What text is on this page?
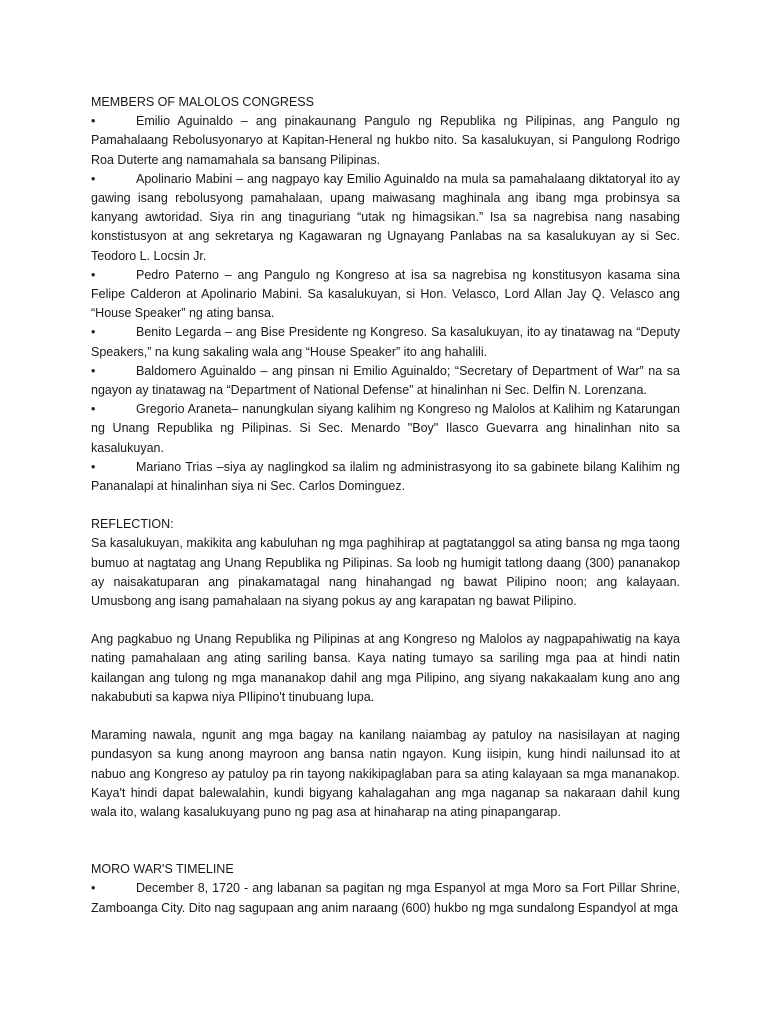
MEMBERS OF MALOLOS CONGRESS

•	Emilio Aguinaldo – ang pinakaunang Pangulo ng Republika ng Pilipinas, ang Pangulo ng Pamahalaang Rebolusyonaryo at Kapitan-Heneral ng hukbo nito. Sa kasalukuyan, si Pangulong Rodrigo Roa Duterte ang namamahala sa bansang Pilipinas.
•	Apolinario Mabini – ang nagpayo kay Emilio Aguinaldo na mula sa pamahalaang diktatoryal ito ay gawing isang rebolusyong pamahalaan, upang maiwasang maghinala ang ibang mga probinsya sa kanyang awtoridad. Siya rin ang tinaguriang “utak ng himagsikan.” Isa sa nagrebisa nang nasabing konstistusyon at ang sekretarya ng Kagawaran ng Ugnayang Panlabas na sa kasalukuyan ay si Sec. Teodoro L. Locsin Jr.
•	Pedro Paterno – ang Pangulo ng Kongreso at isa sa nagrebisa ng konstitusyon kasama sina Felipe Calderon at Apolinario Mabini. Sa kasalukuyan, si Hon. Velasco, Lord Allan Jay Q. Velasco ang “House Speaker” ng ating bansa.
•	Benito Legarda – ang Bise Presidente ng Kongreso. Sa kasalukuyan, ito ay tinatawag na “Deputy Speakers,” na kung sakaling wala ang “House Speaker” ito ang hahalili.
•	Baldomero Aguinaldo – ang pinsan ni Emilio Aguinaldo; “Secretary of Department of War” na sa ngayon ay tinatawag na “Department of National Defense” at hinalinhan ni Sec. Delfin N. Lorenzana.
•	Gregorio Araneta– nanungkulan siyang kalihim ng Kongreso ng Malolos at Kalihim ng Katarungan ng Unang Republika ng Pilipinas. Si Sec. Menardo "Boy" Ilasco Guevarra ang hinalinhan nito sa kasalukuyan.
•	Mariano Trias –siya ay naglingkod sa ilalim ng administrasyong ito sa gabinete bilang Kalihim ng Pananalapi at hinalinhan siya ni Sec. Carlos Dominguez.

REFLECTION:

Sa kasalukuyan, makikita ang kabuluhan ng mga paghihirap at pagtatanggol sa ating bansa ng mga taong bumuo at nagtatag ang Unang Republika ng Pilipinas. Sa loob ng humigit tatlong daang (300) pananakop ay naisakatuparan ang pinakamatagal nang hinahangad ng bawat Pilipino noon; ang kalayaan. Umusbong ang isang pamahalaan na siyang pokus ay ang karapatan ng bawat Pilipino.

Ang pagkabuo ng Unang Republika ng Pilipinas at ang Kongreso ng Malolos ay nagpapahiwatig na kaya nating pamahalaan ang ating sariling bansa. Kaya nating tumayo sa sariling mga paa at hindi natin kailangan ang tulong ng mga mananakop dahil ang mga Pilipino, ang siyang nakakaalam kung ano ang nakabubuti sa kapwa niya PIlipino't tinubuang lupa.

Maraming nawala, ngunit ang mga bagay na kanilang naiambag ay patuloy na nasisilayan at naging pundasyon sa kung anong mayroon ang bansa natin ngayon. Kung iisipin, kung hindi nailunsad ito at nabuo ang Kongreso ay patuloy pa rin tayong nakikipaglaban para sa ating kalayaan sa mga mananakop. Kaya't hindi dapat balewalahin, kundi bigyang kahalagahan ang mga naganap sa nakaraan dahil kung wala ito, walang kasalukuyang puno ng pag asa at hinaharap na ating pinapangarap.

MORO WAR'S TIMELINE

•	December 8, 1720 - ang labanan sa pagitan ng mga Espanyol at mga Moro sa Fort Pillar Shrine, Zamboanga City. Dito nag sagupaan ang anim naraang (600) hukbo ng mga sundalong Espandyol at mga
